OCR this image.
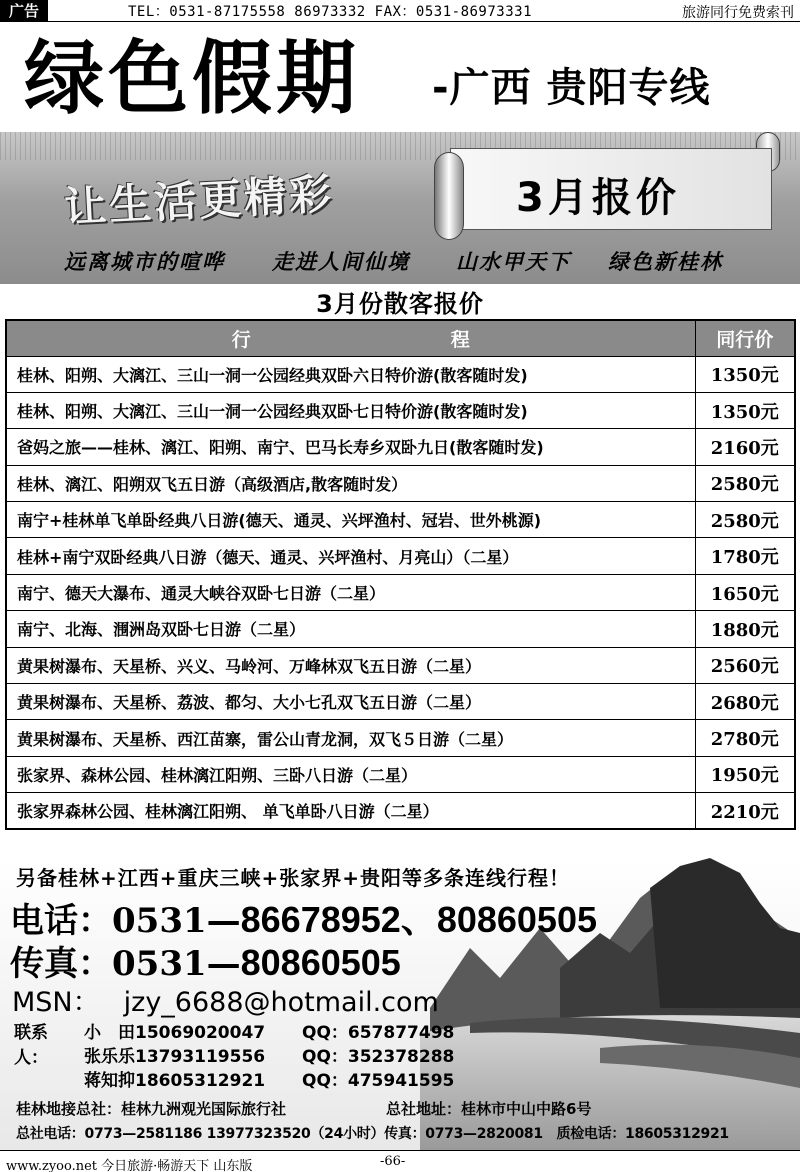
广告	TEL：0531-87175558 86973332 FAX：0531-86973331	旅游同行免费索刊
绿色假期 -广西 贵阳专线
让生活更精彩	3月报价
远离城市的喧哗 走进人间仙境 山水甲天下 绿色新桂林
3月份散客报价
行程	同行价
桂林、阳朔、大漓江、三山一洞一公园经典双卧六日特价游(散客随时发)	1350元
桂林、阳朔、大漓江、三山一洞一公园经典双卧七日特价游(散客随时发)	1350元
爸妈之旅——桂林、漓江、阳朔、南宁、巴马长寿乡双卧九日(散客随时发)	2160元
桂林、漓江、阳朔双飞五日游（高级酒店,散客随时发）	2580元
南宁+桂林单飞单卧经典八日游(德天、通灵、兴坪渔村、冠岩、世外桃源)	2580元
桂林+南宁双卧经典八日游（德天、通灵、兴坪渔村、月亮山）（二星）	1780元
南宁、德天大瀑布、通灵大峡谷双卧七日游（二星）	1650元
南宁、北海、涠洲岛双卧七日游（二星）	1880元
黄果树瀑布、天星桥、兴义、马岭河、万峰林双飞五日游（二星）	2560元
黄果树瀑布、天星桥、荔波、都匀、大小七孔双飞五日游（二星）	2680元
黄果树瀑布、天星桥、西江苗寨，雷公山青龙洞，双飞５日游（二星）	2780元
张家界、森林公园、桂林漓江阳朔、三卧八日游（二星）	1950元
张家界森林公园、桂林漓江阳朔、 单飞单卧八日游（二星）	2210元
另备桂林+江西+重庆三峡+张家界+贵阳等多条连线行程！
电话：0531—86678952、80860505
传真：0531—80860505
MSN： jzy_6688@hotmail.com
联系人：
小　田15069020047 QQ：657877498
张乐乐13793119556 QQ：352378288
蒋知抑18605312921 QQ：475941595
桂林地接总社：桂林九洲观光国际旅行社	总社地址：桂林市中山中路6号
总社电话：0773—2581186 13977323520（24小时）传真：0773—2820081　质检电话：18605312921
www.zyoo.net 今日旅游·畅游天下 山东版	-66-
